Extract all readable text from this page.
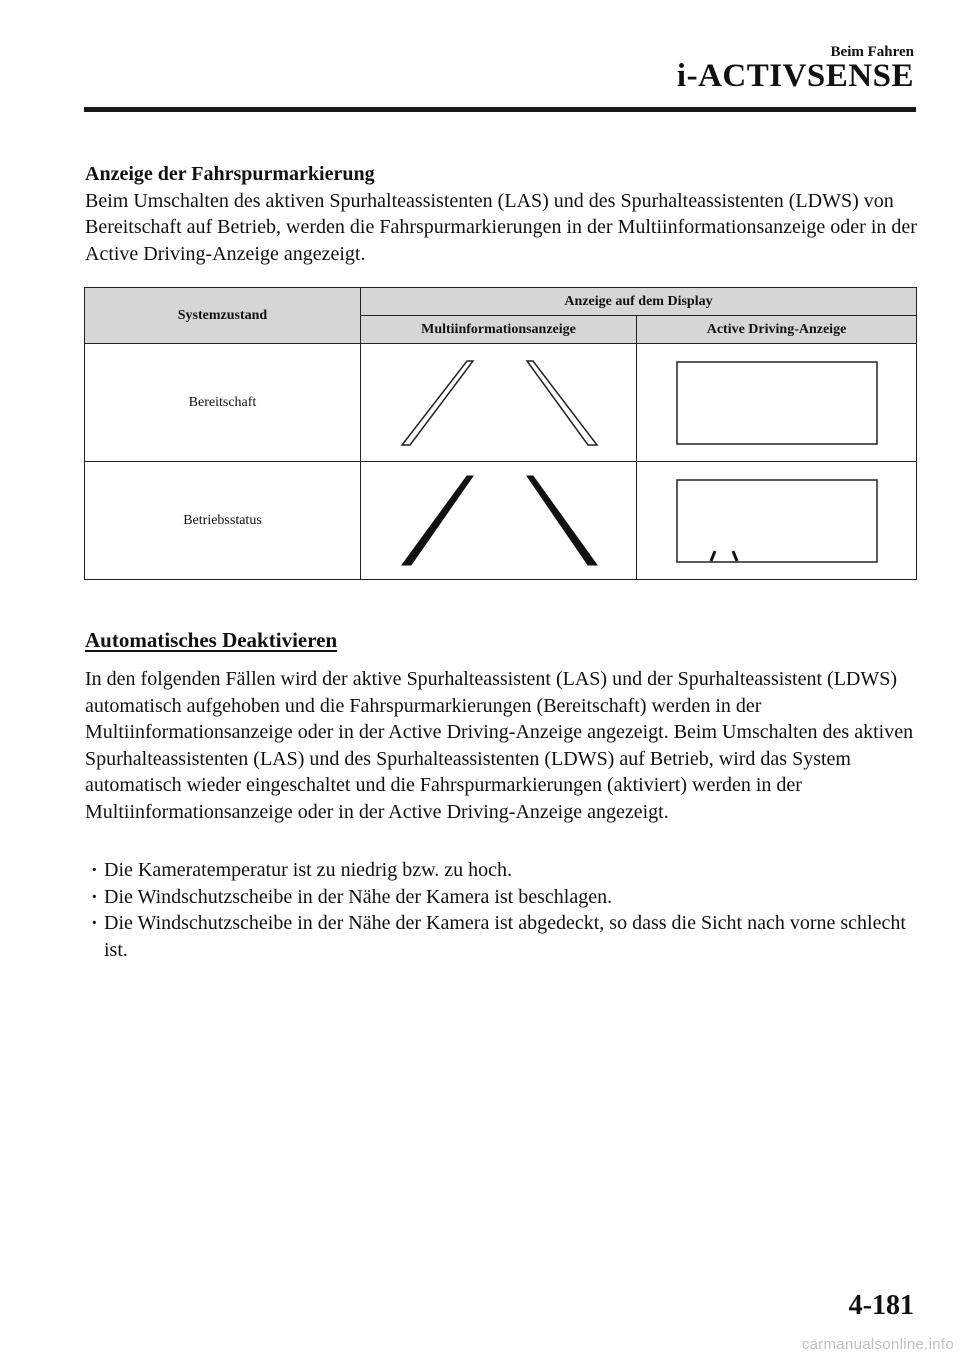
Beim Fahren
i-ACTIVSENSE
Anzeige der Fahrspurmarkierung
Beim Umschalten des aktiven Spurhalteassistenten (LAS) und des Spurhalteassistenten (LDWS) von Bereitschaft auf Betrieb, werden die Fahrspurmarkierungen in der Multiinformationsanzeige oder in der Active Driving-Anzeige angezeigt.
Systemzustand	Anzeige auf dem Display	
	Multiinformationsanzeige	Active Driving-Anzeige
Bereitschaft	

Betriebsstatus	

Automatisches Deaktivieren
In den folgenden Fällen wird der aktive Spurhalteassistent (LAS) und der Spurhalteassistent (LDWS) automatisch aufgehoben und die Fahrspurmarkierungen (Bereitschaft) werden in der Multiinformationsanzeige oder in der Active Driving-Anzeige angezeigt. Beim Umschalten des aktiven Spurhalteassistenten (LAS) und des Spurhalteassistenten (LDWS) auf Betrieb, wird das System automatisch wieder eingeschaltet und die Fahrspurmarkierungen (aktiviert) werden in der Multiinformationsanzeige oder in der Active Driving-Anzeige angezeigt.
· Die Kameratemperatur ist zu niedrig bzw. zu hoch.
· Die Windschutzscheibe in der Nähe der Kamera ist beschlagen.
· Die Windschutzscheibe in der Nähe der Kamera ist abgedeckt, so dass die Sicht nach vorne schlecht ist.
4-181
carmanualsonline.info
